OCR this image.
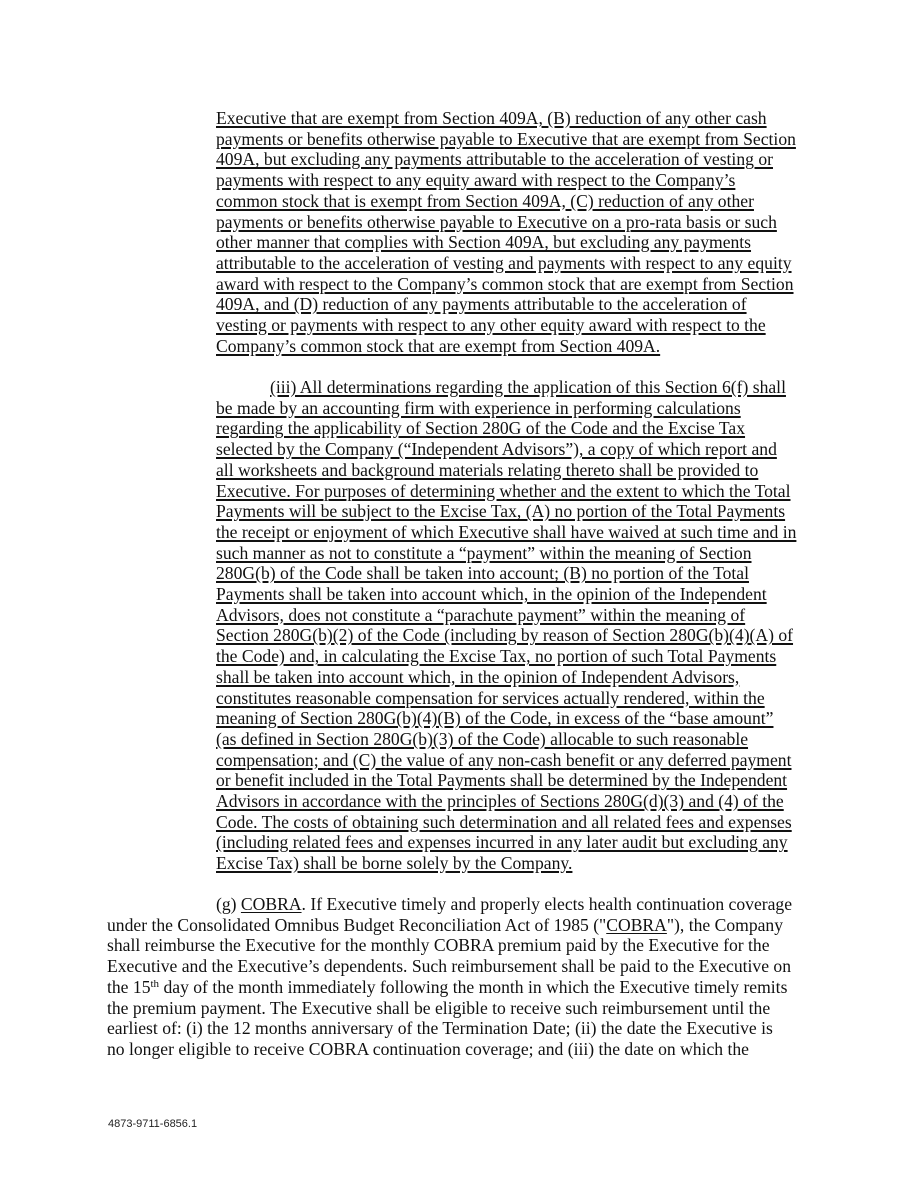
Executive that are exempt from Section 409A, (B) reduction of any other cash
payments or benefits otherwise payable to Executive that are exempt from Section
409A, but excluding any payments attributable to the acceleration of vesting or
payments with respect to any equity award with respect to the Company’s
common stock that is exempt from Section 409A, (C) reduction of any other
payments or benefits otherwise payable to Executive on a pro-rata basis or such
other manner that complies with Section 409A, but excluding any payments
attributable to the acceleration of vesting and payments with respect to any equity
award with respect to the Company’s common stock that are exempt from Section
409A, and (D) reduction of any payments attributable to the acceleration of
vesting or payments with respect to any other equity award with respect to the
Company’s common stock that are exempt from Section 409A.
(iii) All determinations regarding the application of this Section 6(f) shall
be made by an accounting firm with experience in performing calculations
regarding the applicability of Section 280G of the Code and the Excise Tax
selected by the Company (“Independent Advisors”), a copy of which report and
all worksheets and background materials relating thereto shall be provided to
Executive. For purposes of determining whether and the extent to which the Total
Payments will be subject to the Excise Tax, (A) no portion of the Total Payments
the receipt or enjoyment of which Executive shall have waived at such time and in
such manner as not to constitute a “payment” within the meaning of Section
280G(b) of the Code shall be taken into account; (B) no portion of the Total
Payments shall be taken into account which, in the opinion of the Independent
Advisors, does not constitute a “parachute payment” within the meaning of
Section 280G(b)(2) of the Code (including by reason of Section 280G(b)(4)(A) of
the Code) and, in calculating the Excise Tax, no portion of such Total Payments
shall be taken into account which, in the opinion of Independent Advisors,
constitutes reasonable compensation for services actually rendered, within the
meaning of Section 280G(b)(4)(B) of the Code, in excess of the “base amount”
(as defined in Section 280G(b)(3) of the Code) allocable to such reasonable
compensation; and (C) the value of any non-cash benefit or any deferred payment
or benefit included in the Total Payments shall be determined by the Independent
Advisors in accordance with the principles of Sections 280G(d)(3) and (4) of the
Code. The costs of obtaining such determination and all related fees and expenses
(including related fees and expenses incurred in any later audit but excluding any
Excise Tax) shall be borne solely by the Company.
(g) COBRA. If Executive timely and properly elects health continuation coverage
under the Consolidated Omnibus Budget Reconciliation Act of 1985 ("COBRA"), the Company
shall reimburse the Executive for the monthly COBRA premium paid by the Executive for the
Executive and the Executive’s dependents. Such reimbursement shall be paid to the Executive on
the 15th day of the month immediately following the month in which the Executive timely remits
the premium payment. The Executive shall be eligible to receive such reimbursement until the
earliest of: (i) the 12 months anniversary of the Termination Date; (ii) the date the Executive is
no longer eligible to receive COBRA continuation coverage; and (iii) the date on which the
4873-9711-6856.1
